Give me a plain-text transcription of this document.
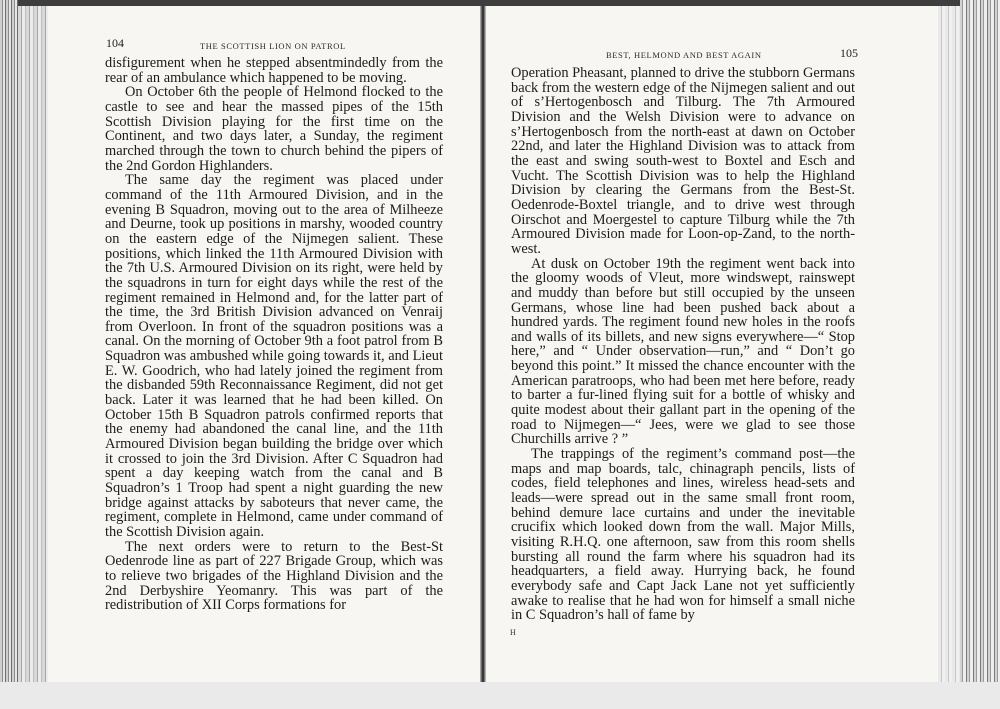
104	THE SCOTTISH LION ON PATROL

disfigurement when he stepped absentmindedly from the rear of an ambulance which happened to be moving.

On October 6th the people of Helmond flocked to the castle to see and hear the massed pipes of the 15th Scottish Division playing for the first time on the Continent, and two days later, a Sunday, the regiment marched through the town to church behind the pipers of the 2nd Gordon Highlanders.

The same day the regiment was placed under command of the 11th Armoured Division, and in the evening B Squadron, moving out to the area of Milheeze and Deurne, took up positions in marshy, wooded country on the eastern edge of the Nijmegen salient. These positions, which linked the 11th Armoured Division with the 7th U.S. Armoured Division on its right, were held by the squadrons in turn for eight days while the rest of the regiment remained in Helmond and, for the latter part of the time, the 3rd British Division advanced on Venraij from Overloon. In front of the squadron positions was a canal. On the morning of October 9th a foot patrol from B Squadron was ambushed while going towards it, and Lieut E. W. Goodrich, who had lately joined the regiment from the disbanded 59th Reconnaissance Regiment, did not get back. Later it was learned that he had been killed. On October 15th B Squadron patrols confirmed reports that the enemy had abandoned the canal line, and the 11th Armoured Division began building the bridge over which it crossed to join the 3rd Division. After C Squadron had spent a day keeping watch from the canal and B Squadron’s 1 Troop had spent a night guarding the new bridge against attacks by saboteurs that never came, the regiment, complete in Helmond, came under command of the Scottish Division again.

The next orders were to return to the Best-St Oedenrode line as part of 227 Brigade Group, which was to relieve two brigades of the Highland Division and the 2nd Derbyshire Yeomanry. This was part of the redistribution of XII Corps formations for

BEST, HELMOND AND BEST AGAIN	105

Operation Pheasant, planned to drive the stubborn Germans back from the western edge of the Nijmegen salient and out of s’Hertogenbosch and Tilburg. The 7th Armoured Division and the Welsh Division were to advance on s’Hertogenbosch from the north-east at dawn on October 22nd, and later the Highland Division was to attack from the east and swing south-west to Boxtel and Esch and Vucht. The Scottish Division was to help the Highland Division by clearing the Germans from the Best-St. Oedenrode-Boxtel triangle, and to drive west through Oirschot and Moergestel to capture Tilburg while the 7th Armoured Division made for Loon-op-Zand, to the north-west.

At dusk on October 19th the regiment went back into the gloomy woods of Vleut, more windswept, rainswept and muddy than before but still occupied by the unseen Germans, whose line had been pushed back about a hundred yards. The regiment found new holes in the roofs and walls of its billets, and new signs everywhere—“ Stop here,” and “ Under observation—run,” and “ Don’t go beyond this point.” It missed the chance encounter with the American paratroops, who had been met here before, ready to barter a fur-lined flying suit for a bottle of whisky and quite modest about their gallant part in the opening of the road to Nijmegen—“ Jees, were we glad to see those Churchills arrive ? ”

The trappings of the regiment’s command post—the maps and map boards, talc, chinagraph pencils, lists of codes, field telephones and lines, wireless head-sets and leads—were spread out in the same small front room, behind demure lace curtains and under the inevitable crucifix which looked down from the wall. Major Mills, visiting R.H.Q. one afternoon, saw from this room shells bursting all round the farm where his squadron had its headquarters, a field away. Hurrying back, he found everybody safe and Capt Jack Lane not yet sufficiently awake to realise that he had won for himself a small niche in C Squadron’s hall of fame by

H
